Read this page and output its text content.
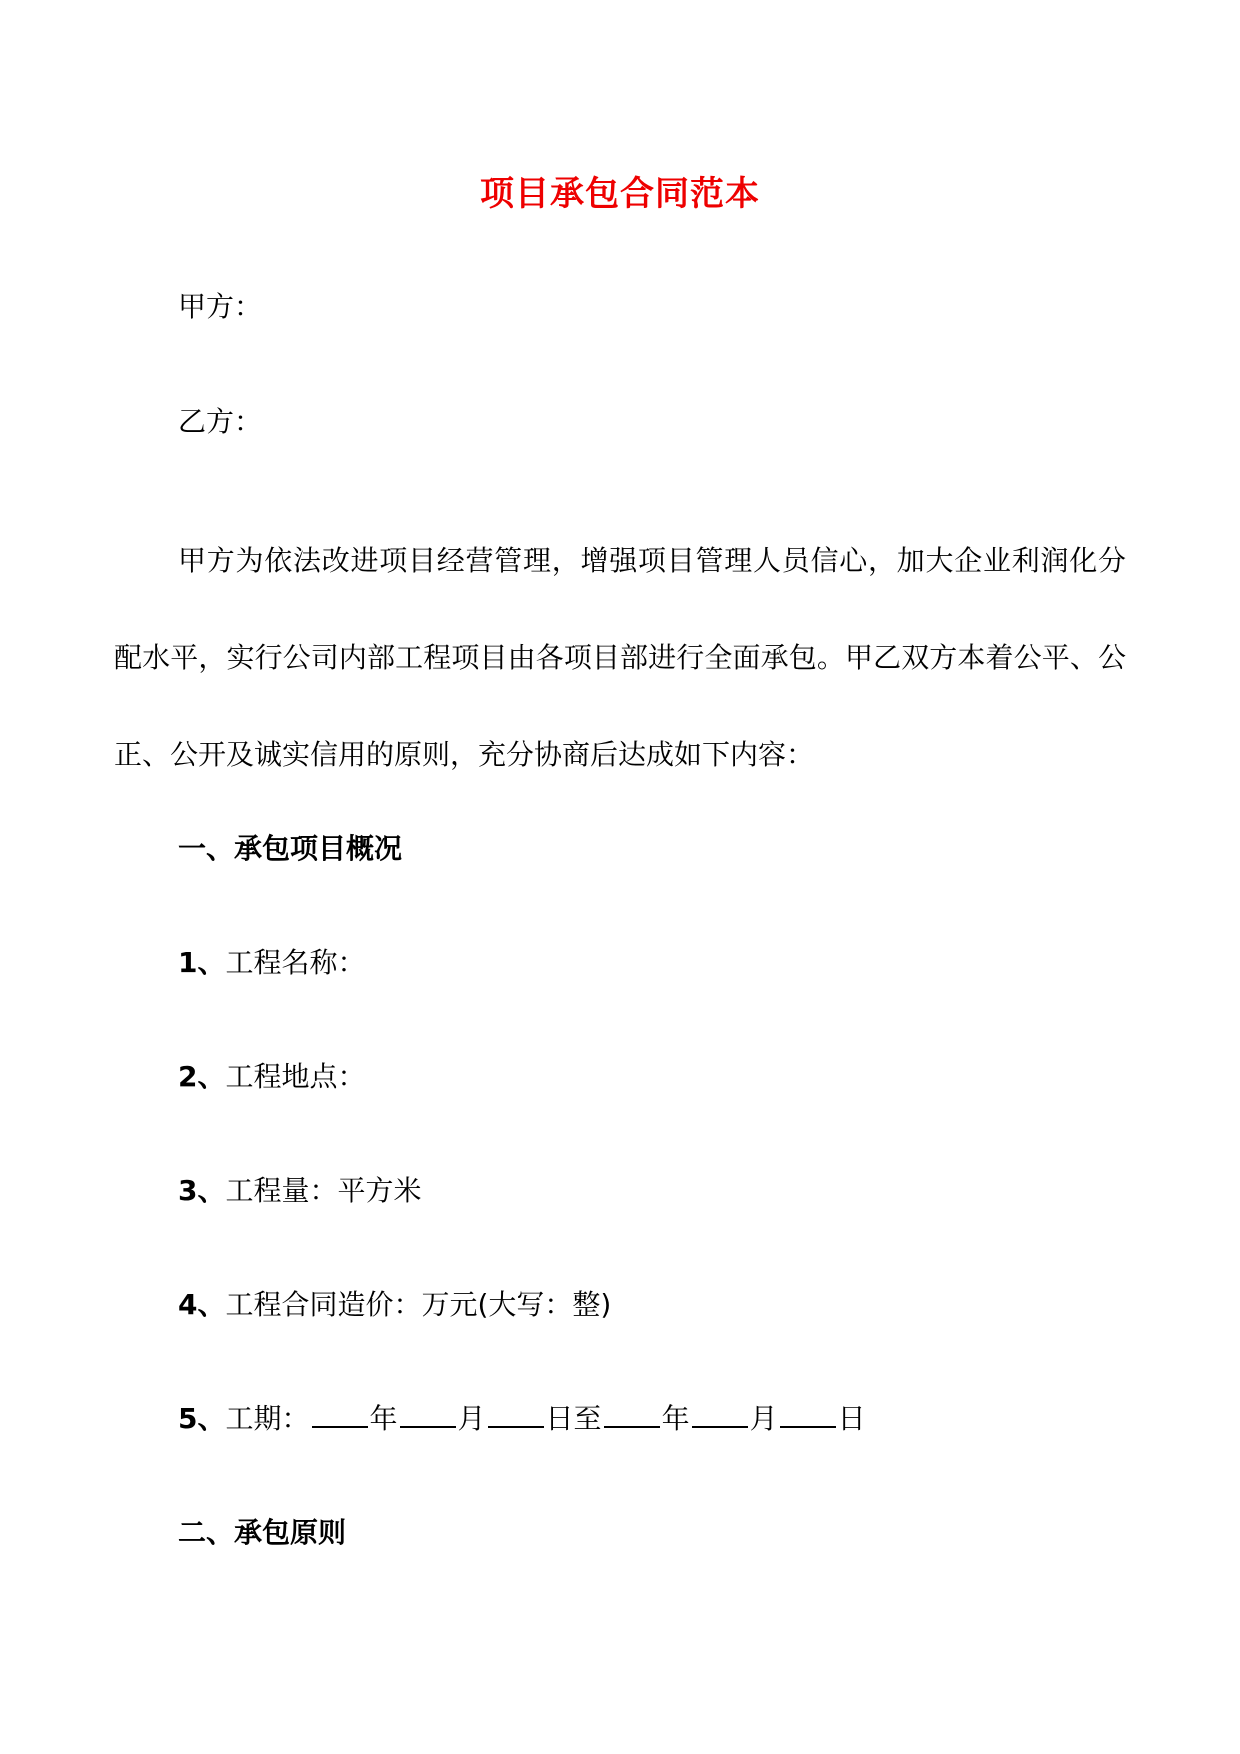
项目承包合同范本
甲方：
乙方：
甲方为依法改进项目经营管理，增强项目管理人员信心，加大企业利润化分配水平，实行公司内部工程项目由各项目部进行全面承包。甲乙双方本着公平、公正、公开及诚实信用的原则，充分协商后达成如下内容：
一、承包项目概况
1、工程名称：
2、工程地点：
3、工程量：平方米
4、工程合同造价：万元(大写：整)
5、工期： 年 月 日至 年 月 日
二、承包原则
